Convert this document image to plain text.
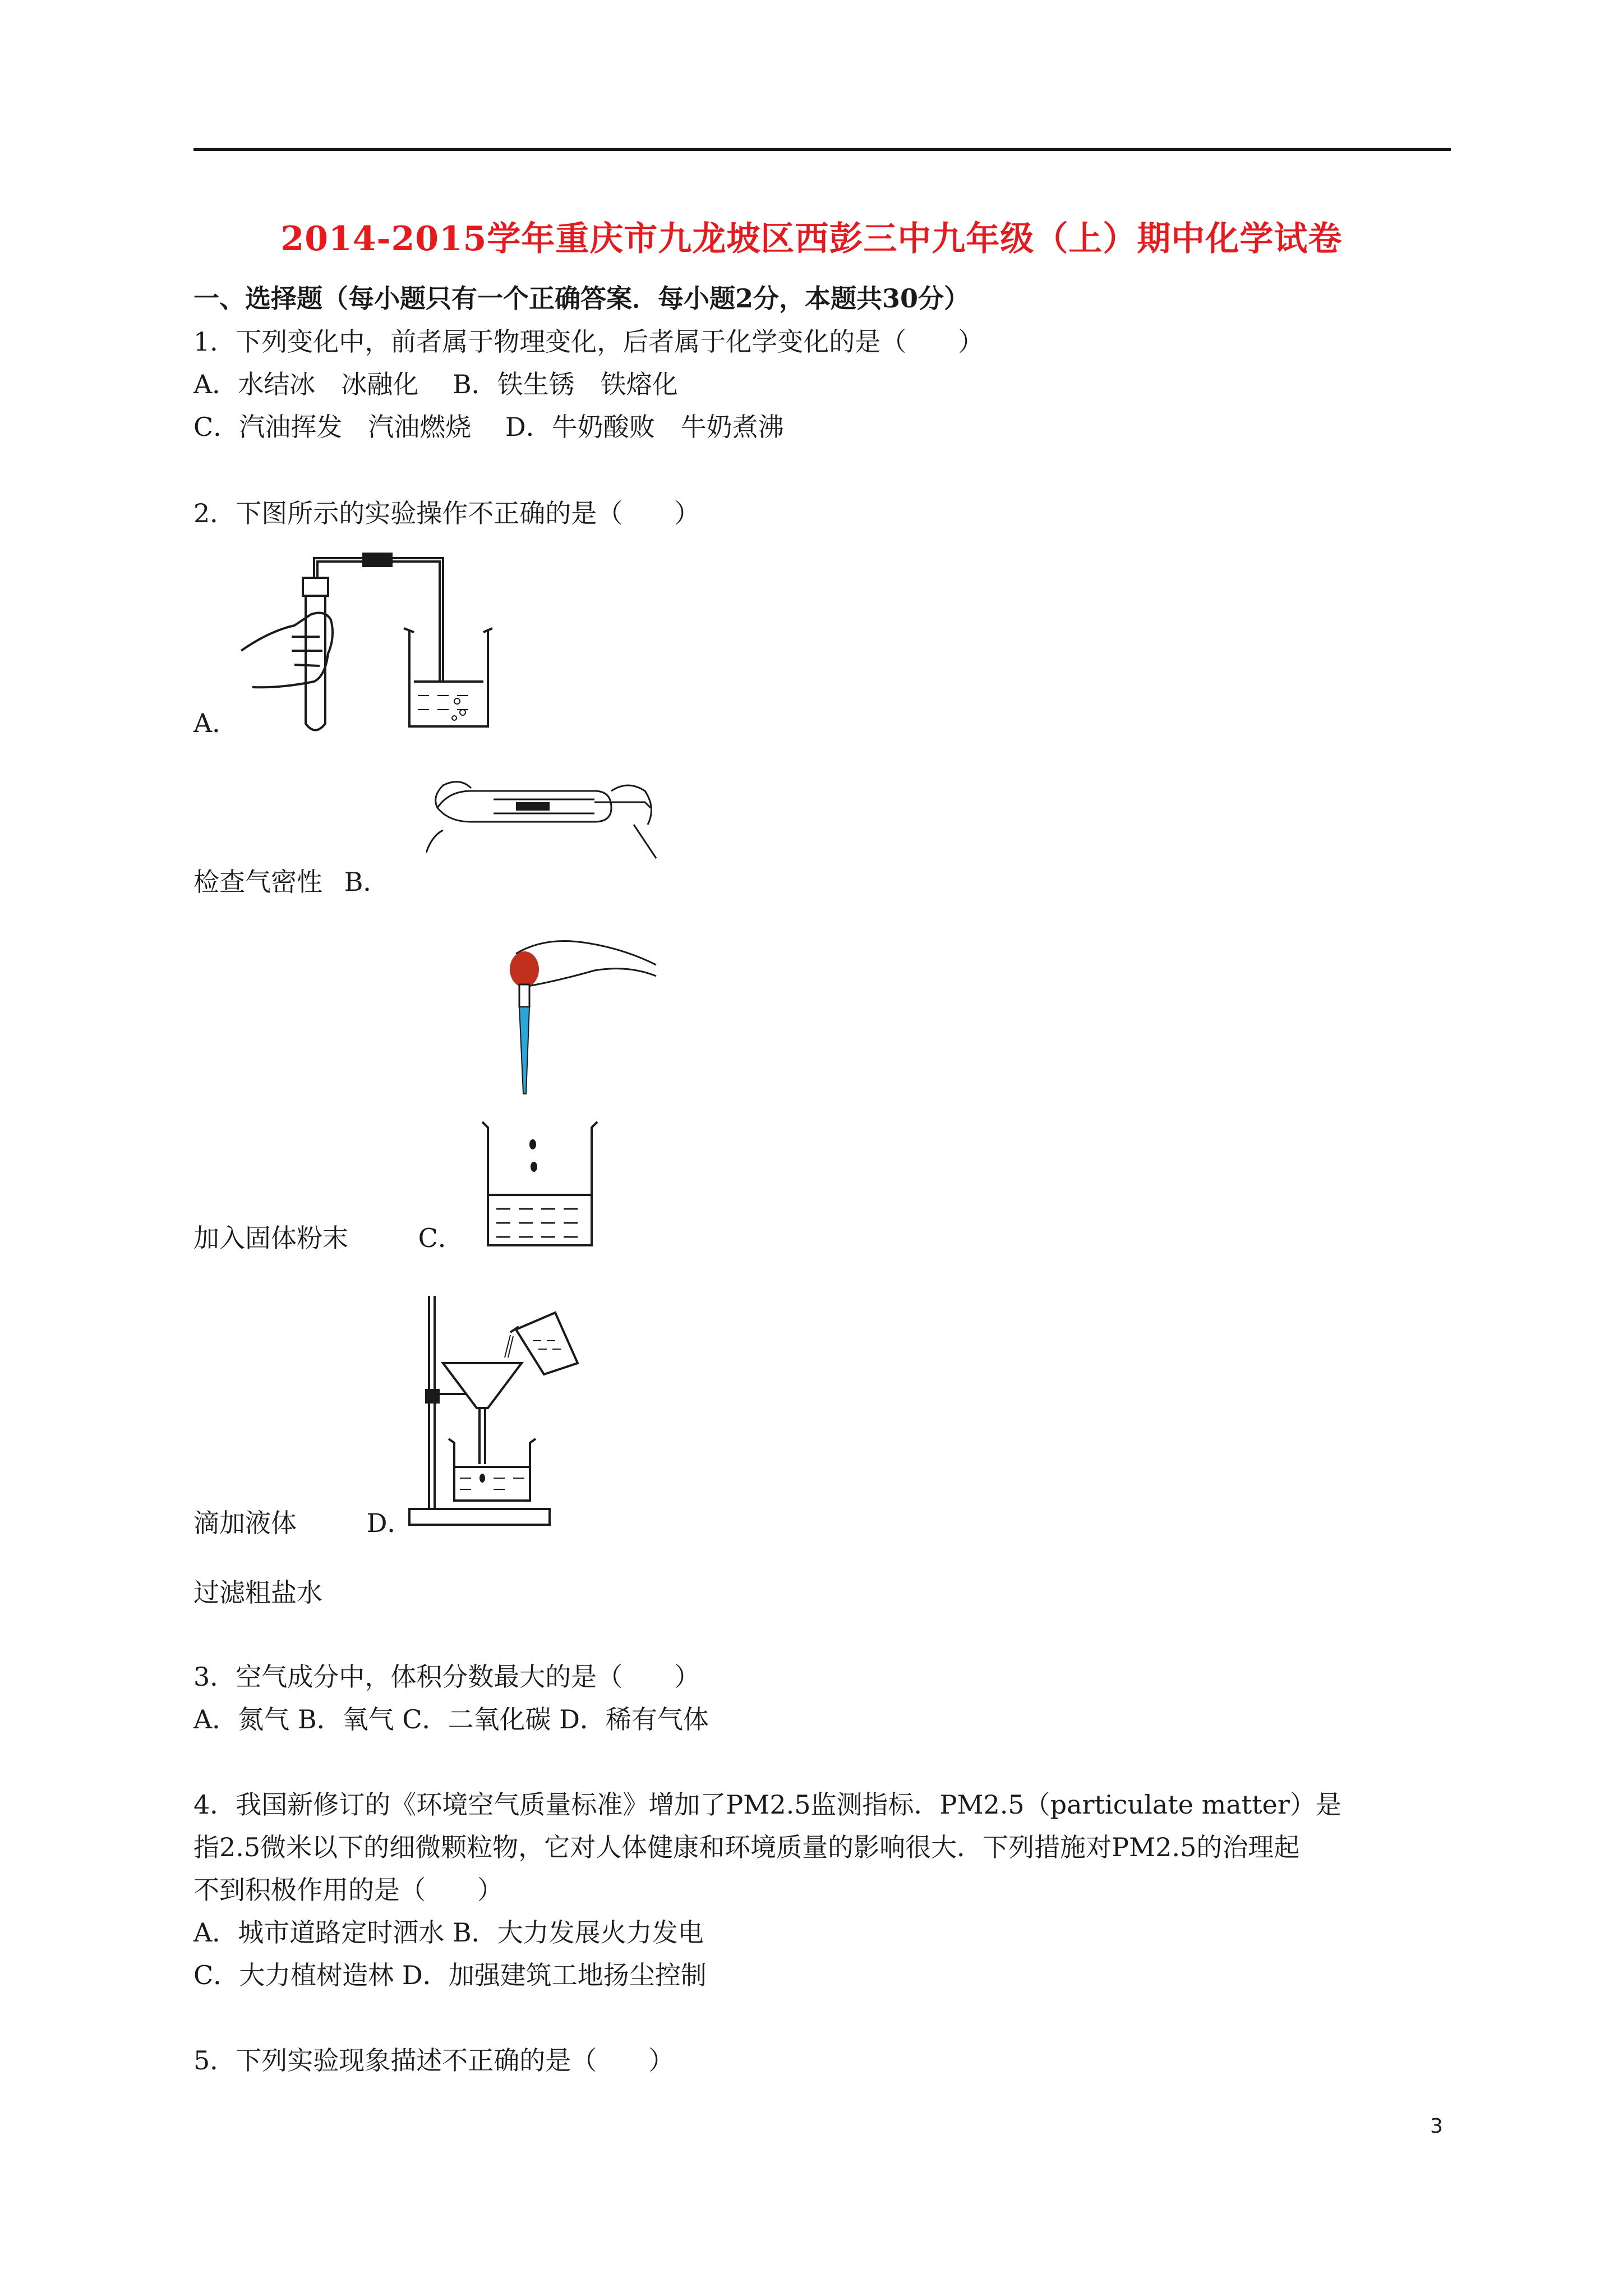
2014-2015学年重庆市九龙坡区西彭三中九年级（上）期中化学试卷
一、选择题（每小题只有一个正确答案．每小题2分，本题共30分）
1．下列变化中，前者属于物理变化，后者属于化学变化的是（　　）
A．水结冰　冰融化　 B．铁生锈　铁熔化
C．汽油挥发　汽油燃烧　 D．牛奶酸败　牛奶煮沸
2．下图所示的实验操作不正确的是（　　）
A．
检查气密性 B．
加入固体粉末	C．
滴加液体	D．
过滤粗盐水
3．空气成分中，体积分数最大的是（　　）
A．氮气 B．氧气 C．二氧化碳 D．稀有气体
4．我国新修订的《环境空气质量标准》增加了PM2.5监测指标．PM2.5（particulate matter）是
指2.5微米以下的细微颗粒物，它对人体健康和环境质量的影响很大．下列措施对PM2.5的治理起
不到积极作用的是（　　）
A．城市道路定时洒水 B．大力发展火力发电
C．大力植树造林 D．加强建筑工地扬尘控制
5．下列实验现象描述不正确的是（　　）
3
